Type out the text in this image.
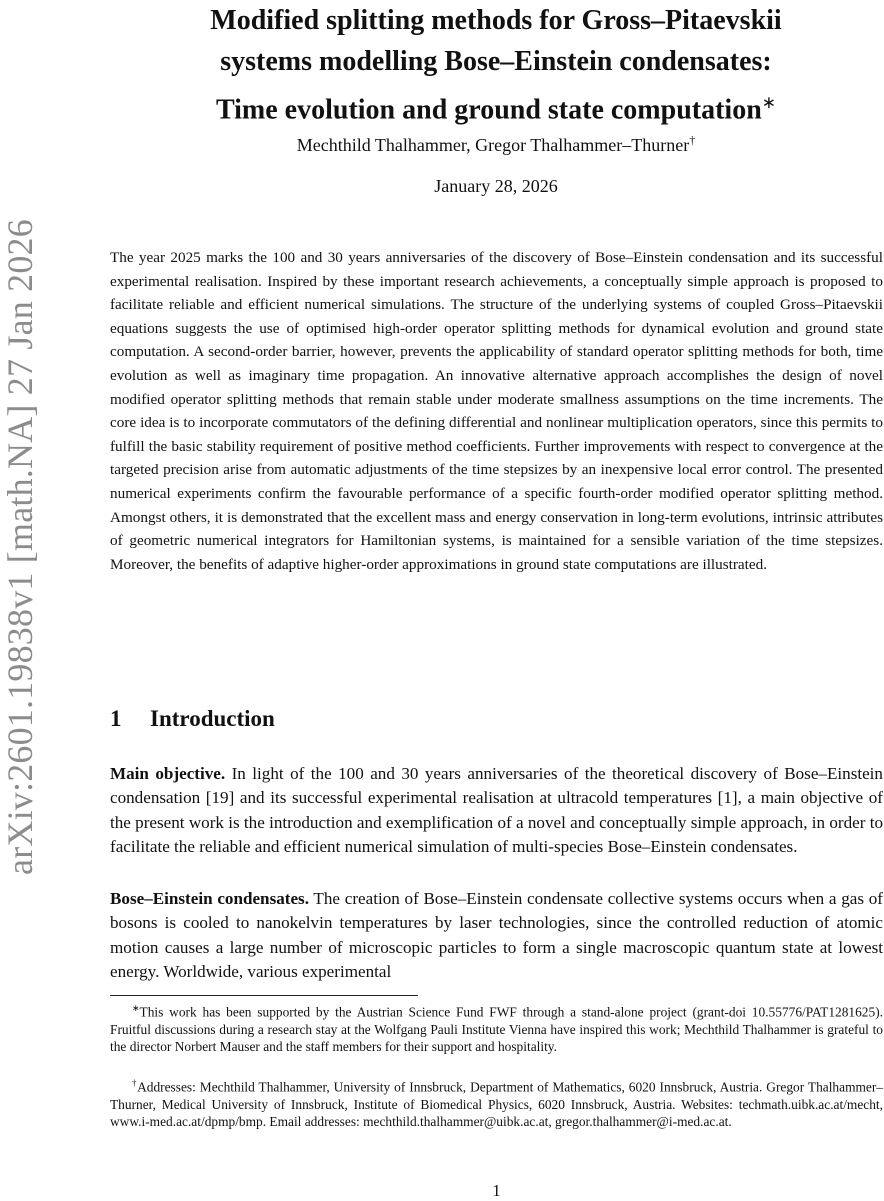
arXiv:2601.19838v1 [math.NA] 27 Jan 2026
Modified splitting methods for Gross–Pitaevskii
systems modelling Bose–Einstein condensates:
Time evolution and ground state computation∗
Mechthild Thalhammer, Gregor Thalhammer–Thurner†
January 28, 2026

The year 2025 marks the 100 and 30 years anniversaries of the discovery of Bose–Einstein condensation and its successful experimental realisation. Inspired by these important research achievements, a conceptually simple approach is proposed to facilitate reliable and efficient numerical simulations. The structure of the underlying systems of coupled Gross–Pitaevskii equations suggests the use of optimised high-order operator splitting methods for dynamical evolution and ground state computation. A second-order barrier, however, prevents the applicability of standard operator splitting methods for both, time evolution as well as imaginary time propagation. An innovative alternative approach accomplishes the design of novel modified operator splitting methods that remain stable under moderate smallness assumptions on the time increments. The core idea is to incorporate commutators of the defining differential and nonlinear multiplication operators, since this permits to fulfill the basic stability requirement of positive method coefficients. Further improvements with respect to convergence at the targeted precision arise from automatic adjustments of the time stepsizes by an inexpensive local error control. The presented numerical experiments confirm the favourable performance of a specific fourth-order modified operator splitting method. Amongst others, it is demonstrated that the excellent mass and energy conservation in long-term evolutions, intrinsic attributes of geometric numerical integrators for Hamiltonian systems, is maintained for a sensible variation of the time stepsizes. Moreover, the benefits of adaptive higher-order approximations in ground state computations are illustrated.

1 Introduction

Main objective. In light of the 100 and 30 years anniversaries of the theoretical discovery of Bose–Einstein condensation [19] and its successful experimental realisation at ultracold temperatures [1], a main objective of the present work is the introduction and exemplification of a novel and conceptually simple approach, in order to facilitate the reliable and efficient numerical simulation of multi-species Bose–Einstein condensates.

Bose–Einstein condensates. The creation of Bose–Einstein condensate collective systems occurs when a gas of bosons is cooled to nanokelvin temperatures by laser technologies, since the controlled reduction of atomic motion causes a large number of microscopic particles to form a single macroscopic quantum state at lowest energy. Worldwide, various experimental

∗This work has been supported by the Austrian Science Fund FWF through a stand-alone project (grant-doi 10.55776/PAT1281625). Fruitful discussions during a research stay at the Wolfgang Pauli Institute Vienna have inspired this work; Mechthild Thalhammer is grateful to the director Norbert Mauser and the staff members for their support and hospitality.

†Addresses: Mechthild Thalhammer, University of Innsbruck, Department of Mathematics, 6020 Innsbruck, Austria. Gregor Thalhammer–Thurner, Medical University of Innsbruck, Institute of Biomedical Physics, 6020 Innsbruck, Austria. Websites: techmath.uibk.ac.at/mecht, www.i-med.ac.at/dpmp/bmp. Email addresses: mechthild.thalhammer@uibk.ac.at, gregor.thalhammer@i-med.ac.at.

1
